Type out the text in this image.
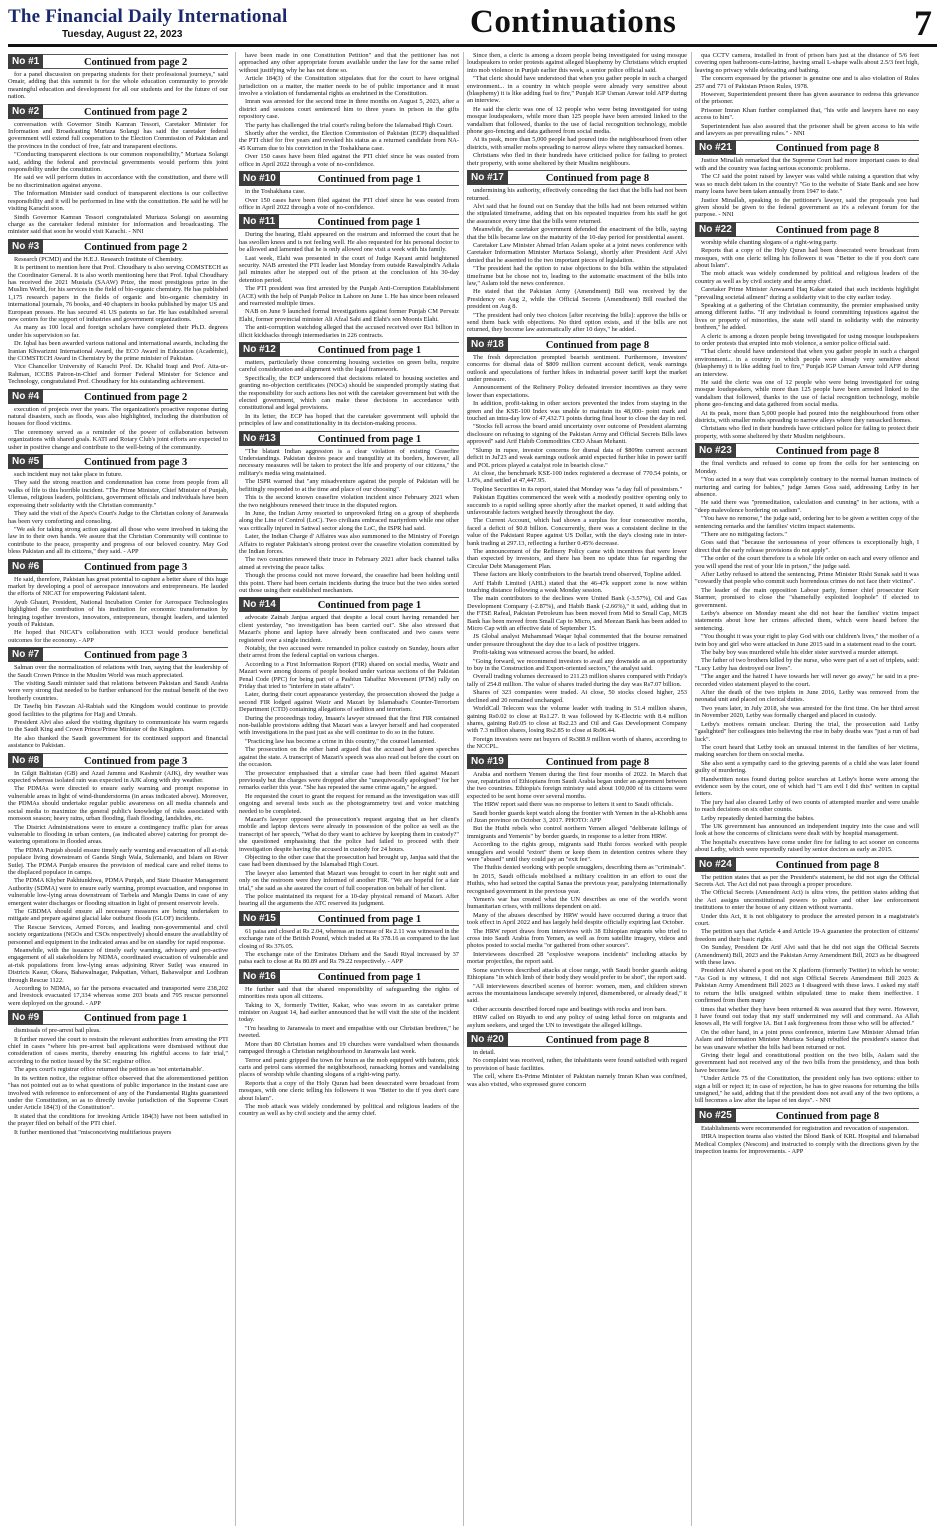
The Financial Daily International
Tuesday, August 22, 2023	Continuations	7
No #1	Continued from page 2

for a panel discussion on preparing students for their professional journeys," said Omair, adding that this summit is for the whole education community to provide meaningful education and development for all our students and for the future of our nation.

No #2	Continued from page 2

conversation with Governor Sindh Kamran Tessori, Caretaker Minister for Information and Broadcasting Murtaza Solangi has said the caretaker federal government will extend full cooperation to the Election Commission of Pakistan and the provinces in the conduct of free, fair and transparent elections.

"Conducting transparent elections is our common responsibility," Murtaza Solangi said, adding the federal and provincial governments would perform this joint responsibility under the constitution.

He said we will perform duties in accordance with the constitution, and there will be no discrimination against anyone.

The Information Minister said conduct of transparent elections is our collective responsibility and it will be performed in line with the constitution. He said he will be visiting Karachi soon.

Sindh Governor Kamran Tessori congratulated Murtaza Solangi on assuming charge as the caretaker federal minister for information and broadcasting. The minister said that soon he would visit Karachi. - NNI

No #3	Continued from page 2

Research (PCMD) and the H.E.J. Research Institute of Chemistry.

It is pertinent to mention here that Prof. Choudhary is also serving COMSTECH as the Coordinator General. It is also worth mentioning here that Prof. Iqbal Choudhary has received the 2021 Mustafa (SAAW) Prize, the most prestigious prize in the Muslim World, for his services in the field of bio-organic chemistry. He has published 1,175 research papers in the fields of organic and bio-organic chemistry in international journals, 76 books, and 40 chapters in books published by major US and European presses. He has secured 41 US patents so far. He has established several new centers for the support of industries and government organizations.

As many as 100 local and foreign scholars have completed their Ph.D. degrees under his supervision so far.

Dr. Iqbal has been awarded various national and international awards, including the Iranian Khwarizmi International Award, the ECO Award in Education (Academic), the COMSTECH Award in Chemistry by the prime minister of Pakistan.

Vice Chancellor University of Karachi Prof. Dr. Khalid Iraqi and Prof. Atta-ur-Rahman, ICCBS Patron-in-Chief and former Federal Minister for Science and Technology, congratulated Prof. Choudhary for his outstanding achievement.

No #4	Continued from page 2

execution of projects over the years. The organization's proactive response during natural disasters, such as floods, was also highlighted, including the distribution of houses for flood victims.

The ceremony served as a reminder of the power of collaboration between organizations with shared goals. KATI and Rotary Club's joint efforts are expected to usher in positive change and contribute to the well-being of the community.

No #5	Continued from page 3

such incident may not take place in future.

They said the strong reaction and condemnation has come from people from all walks of life to this horrible incident. "The Prime Minister, Chief Minister of Punjab, Ulemas, religious leaders, politicians, government officials and individuals have been expressing their solidarity with the Christian community."

They said the visit of the Apex's Court's Judge to the Christian colony of Jaranwala has been very comforting and consoling.

"We ask for taking strong action against all those who were involved in taking the law in to their own hands. We assure that the Christian Community will continue to contribute to the peace, prosperity and progress of our beloved country. May God bless Pakistan and all its citizens," they said. - APP

No #6	Continued from page 3

He said, therefore, Pakistan has great potential to capture a better share of this huge market by developing a pool of aerospace innovators and entrepreneurs. He lauded the efforts of NICAT for empowering Pakistani talent.

Ayub Ghauri, President, National Incubation Center for Aerospace Technologies highlighted the contribution of his institution for economic transformation by bringing together investors, innovators, entrepreneurs, thought leaders, and talented youth of Pakistan.

He hoped that NICAT's collaboration with ICCI would produce beneficial outcomes for the economy. - APP

No #7	Continued from page 3

Salman over the normalization of relations with Iran, saying that the leadership of the Saudi Crown Prince in the Muslim World was much appreciated.

The visiting Saudi minister said that relations between Pakistan and Saudi Arabia were very strong that needed to be further enhanced for the mutual benefit of the two brotherly countries.

Dr Tawfiq bin Fawzan Al-Rabiah said the Kingdom would continue to provide good facilities to the pilgrims for Hajj and Umrah.

President Alvi also asked the visiting dignitary to communicate his warm regards to the Saudi King and Crown Prince/Prime Minister of the Kingdom.

He also thanked the Saudi government for its continued support and financial assistance to Pakistan.

No #8	Continued from page 3

In Gilgit Baltistan (GB) and Azad Jammu and Kashmir (AJK), dry weather was expected whereas isolated rain was expected in AJK along with dry weather.

The PDMAs were directed to ensure early warning and prompt response in vulnerable areas in light of wind-thunderstorms (in areas indicated above). Moreover, the PDMAs should undertake regular public awareness on all media channels and social media to maximize the general public's knowledge of risks associated with monsoon season; heavy rains, urban flooding, flash flooding, landslides, etc.

The District Administrations were to ensure a contingency traffic plan for areas vulnerable to flooding in urban centers, (as indicated above) catering for prompt de-watering operations in flooded areas.

The PDMA Punjab should ensure timely early warning and evacuation of all at-risk populace living downstream of Ganda Singh Wala, Sulemanki, and Islam on River Sutlej. The PDMA Punjab ensures the provision of medical care and relief items to the displaced populace in camps.

The PDMA Khyber Pakhtunkhwa, PDMA Punjab, and State Disaster Management Authority (SDMA) were to ensure early warning, prompt evacuation, and response in vulnerable low-lying areas downstream of Tarbela and Mangla Dams in case of any emergent water discharges or flooding situation in light of present reservoir levels.

The GBDMA should ensure all necessary measures are being undertaken to mitigate and prepare against glacial lake outburst floods (GLOF) incidents.

The Rescue Services, Armed Forces, and leading non-governmental and civil society organizations (NGOs and CSOs respectively) should ensure the availability of personnel and equipment in the indicated areas and be on standby for rapid response.

Meanwhile, with the issuance of timely early warning, advisory and pro-active engagement of all stakeholders by NDMA, coordinated evacuation of vulnerable and at-risk populations from low-lying areas adjoining River Sutlej was ensured in Districts Kasur, Okara, Bahawalnagar, Pakpattan, Vehari, Bahawalpur and Lodhran through Rescue 1122.

According to NDMA, so far the persons evacuated and transported were 238,202 and livestock evacuated 17,334 whereas some 203 boats and 795 rescue personnel were deployed on the ground. - APP

No #9	Continued from page 1

dismissals of pre-arrest bail pleas.

It further moved the court to restrain the relevant authorities from arresting the PTI chief in cases "where his pre-arrest bail applications were dismissed without due consideration of cases merits, thereby ensuring his rightful access to fair trial," according to the notice issued by the SC registrar office.

The apex court's registrar office returned the petition as 'not entertainable'.

In its written notice, the registrar office observed that the aforementioned petition "has not pointed out as to what questions of public importance in the instant case are involved with reference to enforcement of any of the Fundamental Rights guaranteed under the Constitution, so as to directly invoke jurisdiction of the Supreme Court under Article 184(3) of the Constitution".

It stated that the conditions for invoking Article 184(3) have not been satisfied in the prayer filed on behalf of the PTI chief.

It further mentioned that "misconceiving multifarious prayers

have been made in one Constitution Petition" and that the petitioner has not approached any other appropriate forum available under the law for the same relief without justifying why he has not done so.

Article 184(3) of the Constitution stipulates that for the court to have original jurisdiction on a matter, the matter needs to be of public importance and it must involve a violation of fundamental rights as enshrined in the Constitution.

Imran was arrested for the second time in three months on August 5, 2023, after a district and sessions court sentenced him to three years in prison in the gifts repository case.

The party has challenged the trial court's ruling before the Islamabad High Court.

Shortly after the verdict, the Election Commission of Pakistan (ECP) disqualified the PTI chief for five years and revoked his status as a returned candidate from NA-45 Kurram due to his conviction in the Toshakhana case.

Over 150 cases have been filed against the PTI chief since he was ousted from office in April 2022 through a vote of no-confidence.

No #10	Continued from page 1

in the Toshakhana case.

Over 150 cases have been filed against the PTI chief since he was ousted from office in April 2022 through a vote of no-confidence.

No #11	Continued from page 1

During the hearing, Elahi appeared on the rostrum and informed the court that he has swollen knees and is not feeling well. He also requested for his personal doctor to be allowed and lamented that he is only allowed one visit a week with his family.

Last week, Elahi was presented in the court of Judge Kayani amid heightened security. NAB arrested the PTI leader last Monday from outside Rawalpindi's Adiala jail minutes after he stepped out of the prison at the conclusion of his 30-day detention period.

The PTI president was first arrested by the Punjab Anti-Corruption Establishment (ACE) with the help of Punjab Police in Lahore on June 1. He has since been released and rearrested multiple times.

NAB on June 9 launched formal investigations against former Punjab CM Pervaiz Elahi, former provincial minister Ali Afzal Sahi and Elahi's son Moonis Elahi.

The anti-corruption watchdog alleged that the accused received over Rs1 billion in illicit kickbacks through intermediaries in 226 contracts.

No #12	Continued from page 1

matters, particularly those concerning housing societies on green belts, require careful consideration and alignment with the legal framework.

Specifically, the ECP underscored that decisions related to housing societies and granting no-objection certificates (NOCs) should be suspended promptly stating that the responsibility for such actions lies not with the caretaker government but with the elected government, which can make these decisions in accordance with constitutional and legal provisions.

In its letter, the ECP has hoped that the caretaker government will uphold the principles of law and constitutionality in its decision-making process.

No #13	Continued from page 1

"The blatant Indian aggression is a clear violation of existing Ceasefire Understandings. Pakistan desires peace and tranquility at its borders, however, all necessary measures will be taken to protect the life and property of our citizens," the military's media wing maintained.

The ISPR warned that "any misadventure against the people of Pakistan will be befittingly responded to at the time and place of our choosing".

This is the second known ceasefire violation incident since February 2021 when the two neighbours renewed their truce in the disputed region.

In June, the Indian Army resorted to unprovoked firing on a group of shepherds along the Line of Control (LoC). Two civilians embraced martyrdom while one other was critically injured in Sattwal sector along the LoC, the ISPR had said.

Later, the Indian Charge d' Affaires was also summoned to the Ministry of Foreign Affairs to register Pakistan's strong protest over the ceasefire violation committed by the Indian forces.

The two countries renewed their truce in February 2021 after back channel talks aimed at reviving the peace talks.

Though the process could not move forward, the ceasefire had been holding until this point. There had been certain incidents during the truce but the two sides sorted out those using their established mechanism.

No #14	Continued from page 1

advocate Zainab Janjua argued that despite a local court having remanded her client yesterday, "no investigation has been carried out". She also stressed that Mazari's phone and laptop have already been confiscated and two cases were registered over a single incident.

Notably, the two accused were remanded in police custody on Sunday, hours after their arrest from the federal capital on various charges.

According to a First Information Report (FIR) shared on social media, Wazir and Mazari were among dozens of people booked under various sections of the Pakistan Penal Code (PPC) for being part of a Pashtun Tahaffuz Movement (PTM) rally on Friday that tried to "interfere in state affairs".

Later, during their court appearance yesterday, the prosecution showed the judge a second FIR lodged against Wazir and Mazari by Islamabad's Counter-Terrorism Department (CTD) containing allegations of sedition and terrorism.

During the proceedings today, Imaan's lawyer stressed that the first FIR contained non-bailable provisions adding that Mazari was a lawyer herself and had cooperated with investigations in the past just as she will continue to do so in the future.

"Practicing law has become a crime in this country," the counsel lamented.

The prosecution on the other hand argued that the accused had given speeches against the state. A transcript of Mazari's speech was also read out before the court on the occasion.

The prosecutor emphasised that a similar case had been filed against Mazari previously but the charges were dropped after she "unequivocally apologised" for her remarks earlier this year. "She has repeated the same crime again," he argued.

He requested the court to grant the request for remand as the investigation was still ongoing and several tests such as the photogrammetry test and voice matching needed to be completed.

Mazari's lawyer opposed the prosecution's request arguing that as her client's mobile and laptop devices were already in possession of the police as well as the transcript of her speech, "What do they want to achieve by keeping them in custody?" she questioned emphasising that the police had failed to proceed with their investigation despite having the accused in custody for 24 hours.

Objecting to the other case that the prosecution had brought up, Janjua said that the case had been dismissed by the Islamabad High Court.

The lawyer also lamented that Mazari was brought to court in her night suit and only on the restroom were they informed of another FIR. "We are hopeful for a fair trial," she said as she assured the court of full cooperation on behalf of her client.

The police maintained its request for a 10-day physical remand of Mazari. After hearing all the arguments the ATC reserved its judgment.

No #15	Continued from page 1

61 paisa and closed at Rs 2.04, whereas an increase of Rs 2.11 was witnessed in the exchange rate of the British Pound, which traded at Rs 378.16 as compared to the last closing of Rs 376.05.

The exchange rate of the Emirates Dirham and the Saudi Riyal increased by 37 paisa each to close at Rs 80.89 and Rs 79.22 respectively. - APP

No #16	Continued from page 1

He further said that the shared responsibility of safeguarding the rights of minorities rests upon all citizens.

Taking to X, formerly Twitter, Kakar, who was sworn in as caretaker prime minister on August 14, had earlier announced that he will visit the site of the incident today.

"I'm heading to Jaranwala to meet and empathise with our Christian brethren," he tweeted.

More than 80 Christian homes and 19 churches were vandalised when thousands rampaged through a Christian neighbourhood in Jaranwala last week.

Terror and panic gripped the town for hours as the mob equipped with batons, pick carts and petrol cans stormed the neighbourhood, ransacking homes and vandalising places of worship while chanting slogans of a right-wing party.

Reports that a copy of the Holy Quran had been desecrated were broadcast from mosques, with one cleric telling his followers it was "Better to die if you don't care about Islam".

The mob attack was widely condemned by political and religious leaders of the country as well as by civil society and the army chief.

Since then, a cleric is among a dozen people being investigated for using mosque loudspeakers to order protests against alleged blasphemy by Christians which erupted into mob violence in Punjab earlier this week, a senior police official said.

"That cleric should have understood that when you gather people in such a charged environment... in a country in which people were already very sensitive about (blasphemy) it is like adding fuel to fire," Punjab IGP Usman Anwar told AFP during an interview.

He said the cleric was one of 12 people who were being investigated for using mosque loudspeakers, while more than 125 people have been arrested linked to the vandalism that followed, thanks to the use of facial recognition technology, mobile phone geo-fencing and data gathered from social media.

At its peak, more than 5,000 people had poured into the neighbourhood from other districts, with smaller mobs spreading to narrow alleys where they ransacked homes.

Christians who fled in their hundreds have criticised police for failing to protect their property, with some sheltered by their Muslim neighbours.

No #17	Continued from page 8

undermining his authority, effectively conceding the fact that the bills had not been returned.

Alvi said that he found out on Sunday that the bills had not been returned within the stipulated timeframe, adding that on his repeated inquiries from his staff he got the assurance every time that the bills were returned.

Meanwhile, the caretaker government defended the enactment of the bills, saying that the bills became law on the maturity of the 10-day period for presidential assent.

Caretaker Law Minister Ahmad Irfan Aslam spoke at a joint news conference with Caretaker Information Minister Murtaza Solangi, shortly after President Arif Alvi denied that he assented to the two important pieces of legislation.

"The president had the option to raise objections to the bills within the stipulated timeframe but he chose not to, leading to the automatic enactment of the bills into law," Aslam told the news conference.

He stated that the Pakistan Army (Amendment) Bill was received by the Presidency on Aug 2, while the Official Secrets (Amendment) Bill reached the president on Aug 8.

"The president had only two choices [after receiving the bills]: approve the bills or send them back with objections. No third option exists, and if the bills are not returned, they become law automatically after 10 days," he added.

No #18	Continued from page 8

The fresh depreciation prompted bearish sentiment. Furthermore, investors' concerns for dismal data of $809 million current account deficit, weak earnings outlook and speculations of further hikes in industrial power tariff kept the market under pressure.

Announcement of the Refinery Policy defeated investor incentives as they were lower than expectations.

In addition, profit-taking in other sectors prevented the index from staying in the green and the KSE-100 Index was unable to maintain its 48,000- point mark and touched an intra-day low of 47,432.71 points during final hour to close the day in red.

"Stocks fell across the board amid uncertainty over outcome of President alarming disclosure on refusing to signing of the Pakistan Army and Official Secrets Bills laws approved" said Arif Habib Commodities CEO Ahsan Mehanti.

"Slump in rupee, investor concerns for dismal data of $809m current account deficit in Jul'23 and weak earnings outlook amid expected further hike in power tariff and POL prices played a catalyst role in bearish close."

At close, the benchmark KSE-100 index registered a decrease of 770.54 points, or 1.6%, and settled at 47,447.95.

Topline Securities in its report, stated that Monday was "a day full of pessimism."

Pakistan Equities commenced the week with a modestly positive opening only to succumb to a rapid selling spree shortly after the market opened, it said adding that unfavourable factors weighed heavily throughout the day.

The Current Account, which had shown a surplus for four consecutive months, faced a deficit of $0.8 billion. Concurrently, there was a consistent decline in the value of the Pakistani Rupee against US Dollar, with the day's closing rate in inter-bank trading at 297.13, reflecting a further 0.45% decrease.

The announcement of the Refinery Policy came with incentives that were lower than expected by investors, and there has been no update thus far regarding the Circular Debt Management Plan.

These factors are likely contributors to the bearish trend observed, Topline added.

Arif Habib Limited (AHL) stated that the 46-47k support zone is now within touching distance following a weak Monday session.

The main contributors to the declines were United Bank (-3.57%), Oil and Gas Development Company (-2.87%), and Habib Bank (-2.66%)," it said, adding that in the FTSE Rafeal, Pakistan Petroleum has been moved from Mid to Small Cap, MCB Bank has been moved from Small Cap to Micro, and Meezan Bank has been added to Micro Cap with an effective date of September 15.

JS Global analyst Muhammad Waqar Iqbal commented that the bourse remained under pressure throughout the day due to a lack of positive triggers.

Profit-taking was witnessed across the board, he added.

"Going forward, we recommend investors to avail any downside as an opportunity to buy in the Construction and Export-oriented sectors," the analyst said.

Overall trading volumes decreased to 211.23 million shares compared with Friday's tally of 254.8 million. The value of shares traded during the day was Rs7.07 billion.

Shares of 323 companies were traded. At close, 50 stocks closed higher, 253 declined and 20 remained unchanged.

WorldCall Telecom was the volume leader with trading in 51.4 million shares, gaining Rs0.02 to close at Rs1.27. It was followed by K-Electric with 8.4 million shares, gaining Rs0.05 to close at Rs2.23 and Oil and Gas Development Company with 7.3 million shares, losing Rs2.85 to close at Rs96.44.

Foreign investors were net buyers of Rs388.9 million worth of shares, according to the NCCPL.

No #19	Continued from page 8

Arabia and northern Yemen during the first four months of 2022. In March that year, repatriation of Ethiopians from Saudi Arabia began under an agreement between the two countries. Ethiopia's foreign ministry said about 100,000 of its citizens were expected to be sent home over several months.

The HRW report said there was no response to letters it sent to Saudi officials.

Saudi border guards kept watch along the frontier with Yemen in the al-Khobh area of Jizan province on October 3, 2017. PHOTO: AFP

But the Huthi rebels who control northern Yemen alleged "deliberate killings of immigrants and Yemenis" by border guards, in response to a letter from HRW.

According to the rights group, migrants said Huthi forces worked with people smugglers and would "extort" them or keep them in detention centres where they were "abused" until they could pay an "exit fee".

The Huthis denied working with people smugglers, describing them as "criminals".

In 2015, Saudi officials mobilised a military coalition in an effort to oust the Huthis, who had seized the capital Sanaa the previous year, paralysing internationally recognised government in the previous year.

Yemen's war has created what the UN describes as one of the world's worst humanitarian crises, with millions dependent on aid.

Many of the abuses described by HRW would have occurred during a truce that took effect in April 2022 and has largely held despite officially expiring last October.

The HRW report draws from interviews with 38 Ethiopian migrants who tried to cross into Saudi Arabia from Yemen, as well as from satellite imagery, videos and photos posted to social media "or gathered from other sources".

Interviewees described 28 "explosive weapons incidents" including attacks by mortar projectiles, the report said.

Some survivors described attacks at close range, with Saudi border guards asking Ethiopians "in which limb of their body they would prefer to be shot", the report said.

"All interviewees described scenes of horror: women, men, and children strewn across the mountainous landscape severely injured, dismembered, or already dead," it said.

Other accounts described forced rape and beatings with rocks and iron bars.

HRW called on Riyadh to end any policy of using lethal force on migrants and asylum seekers, and urged the UN to investigate the alleged killings.

No #20	Continued from page 8

in detail.

No complaint was received, rather, the inhabitants were found satisfied with regard to provision of basic facilities.

The cell, where Ex-Prime Minister of Pakistan namely Imran Khan was confined, was also visited, who expressed grave concern

qua CCTV camera, installed in front of prison bars just at the distance of 5/6 feet covering open bathroom-cum-latrine, having small L-shape walls about 2.5/3 feet high, leaving no privacy while defecating and bathing.

The concern expressed by the prisoner is genuine one and is also violation of Rules 257 and 771 of Pakistan Prison Rules, 1978.

However, Superintendent present there has given assurance to redress this grievance of the prisoner.

Prisoner Imran Khan further complained that, "his wife and lawyers have no easy access to him".

Superintendent has also assured that the prisoner shall be given access to his wife and lawyers as per prevailing rules." - NNI

No #21	Continued from page 8

Justice Minallah remarked that the Supreme Court had more important cases to deal with and the country was facing serious economic problems.

The CJ said the point raised by lawyer was valid while raising a question that why was so much debt taken in the country? "Go to the website of State Bank and see how many loans have been taken annually from 1947 to date."

Justice Minallah, speaking to the petitioner's lawyer, said the proposals you had given should be given to the federal government as it's a relevant forum for the purpose. - NNI

No #22	Continued from page 8

worship while chanting slogans of a right-wing party.

Reports that a copy of the Holy Quran had been desecrated were broadcast from mosques, with one cleric telling his followers it was "Better to die if you don't care about Islam".

The mob attack was widely condemned by political and religious leaders of the country as well as by civil society and the army chief.

Caretaker Prime Minister Anwaarul Haq Kakar stated that such incidents highlight "prevailing societal ailment" during a solidarity visit to the city earlier today.

Speaking at a gathering of the Christian community, the premier emphasised unity among different faiths. "If any individual is found committing injustices against the lives or property of minorities, the state will stand in solidarity with the minority brethren," he added.

A cleric is among a dozen people being investigated for using mosque loudspeakers to order protests that erupted into mob violence, a senior police official said.

"That cleric should have understood that when you gather people in such a charged environment... in a country in which people were already very sensitive about (blasphemy) it is like adding fuel to fire," Punjab IGP Usman Anwar told AFP during an interview.

He said the cleric was one of 12 people who were being investigated for using mosque loudspeakers, while more than 125 people have been arrested linked to the vandalism that followed, thanks to the use of facial recognition technology, mobile phone geo-fencing and data gathered from social media.

At its peak, more than 5,000 people had poured into the neighbourhood from other districts, with smaller mobs spreading to narrow alleys where they ransacked homes.

Christians who fled in their hundreds have criticised police for failing to protect their property, with some sheltered by their Muslim neighbours.

No #23	Continued from page 8

the final verdicts and refused to come up from the cells for her sentencing on Monday.

"You acted in a way that was completely contrary to the normal human instincts of nurturing and caring for babies," judge James Goss said, addressing Letby in her absence.

He said there was "premeditation, calculation and cunning" in her actions, with a "deep malevolence bordering on sadism".

"You have no remorse," the judge said, ordering her to be given a written copy of the sentencing remarks and the families' victim impact statements.

"There are no mitigating factors."

Goss said that "because the seriousness of your offences is exceptionally high, I direct that the early release provisions do not apply".

"The order of the court therefore is a whole life order on each and every offence and you will spend the rest of your life in prison," the judge said.

After Letby refused to attend the sentencing, Prime Minister Rishi Sunak said it was "cowardly that people who commit such horrendous crimes do not face their victims".

The leader of the main opposition Labour party, former chief prosecutor Keir Starmer, promised to close the "shamefully exploited loophole" if elected to government.

Letby's absence on Monday meant she did not hear the families' victim impact statements about how her crimes affected them, which were heard before the sentencing.

"You thought it was your right to play God with our children's lives," the mother of a twin boy and girl who were attacked in June 2015 said in a statement read to the court.

The baby boy was murdered while his elder sister survived a murder attempt.

The father of two brothers killed by the nurse, who were part of a set of triplets, said: "Lucy Letby has destroyed our lives".

"The anger and the hatred I have towards her will never go away," he said in a pre-recorded video statement played to the court.

After the death of the two triplets in June 2016, Letby was removed from the neonatal unit and placed on clerical duties.

Two years later, in July 2018, she was arrested for the first time. On her third arrest in November 2020, Letby was formally charged and placed in custody.

Letby's motives remain unclear. During the trial, the prosecution said Letby "gaslighted" her colleagues into believing the rise in baby deaths was "just a run of bad luck".

The court heard that Letby took an unusual interest in the families of her victims, making searches for them on social media.

She also sent a sympathy card to the grieving parents of a child she was later found guilty of murdering.

Handwritten notes found during police searches at Letby's home were among the evidence seen by the court, one of which had "I am evil I did this" written in capital letters.

The jury had also cleared Letby of two counts of attempted murder and were unable to reach decisions on six other counts.

Letby repeatedly denied harming the babies.

The UK government has announced an independent inquiry into the case and will look at how the concerns of clinicians were dealt with by hospital management.

The hospital's executives have come under fire for failing to act sooner on concerns about Letby, which were reportedly raised by senior doctors as early as 2015.

No #24	Continued from page 8

The petition states that as per the President's statement, he did not sign the Official Secrets Act. The Act did not pass through a proper procedure.

The Official Secrets (Amendment Act) is ultra vires, the petition states adding that the Act assigns unconstitutional powers to police and other law enforcement institutions to enter the house of any citizen without warrants.

Under this Act, it is not obligatory to produce the arrested person in a magistrate's court.

The petition says that Article 4 and Article 19-A guarantee the protection of citizens' freedom and their basic rights.

On Sunday, President Dr Arif Alvi said that he did not sign the Official Secrets (Amendment) Bill, 2023 and the Pakistan Army Amendment Bill, 2023 as he disagreed with these laws.

President Alvi shared a post on the X platform (formerly Twitter) in which he wrote: "As God is my witness, I did not sign Official Secrets Amendment Bill 2023 & Pakistan Army Amendment Bill 2023 as I disagreed with these laws. I asked my staff to return the bills unsigned within stipulated time to make them ineffective. I confirmed from them many

times that whether they have been returned & was assured that they were. However, I have found out today that my staff undermined my will and command. As Allah knows all, He will forgive IA. But I ask forgiveness from those who will be affected."

On the other hand, in a joint press conference, interim Law Minister Ahmad Irfan Aslam and Information Minister Murtaza Solangi rebuffed the president's stance that he was unaware whether the bills had been returned or not.

Giving their legal and constitutional position on the two bills, Aslam said the government had not received any of the two bills from the presidency, and thus both have become law.

"Under Article 75 of the Constitution, the president only has two options: either to sign a bill or reject it; in case of rejection, he has to give reasons for returning the bills unsigned," he said, adding that if the president does not avail any of the two options, a bill becomes a law after the lapse of ten days". - NNI

No #25	Continued from page 8

Establishments were recommended for registration and revocation of suspension.

IHRA inspection teams also visited the Blood Bank of KRL Hospital and Islamabad Medical Complex (Nescom) and instructed to comply with the directions given by the inspection teams for improvements. - APP
